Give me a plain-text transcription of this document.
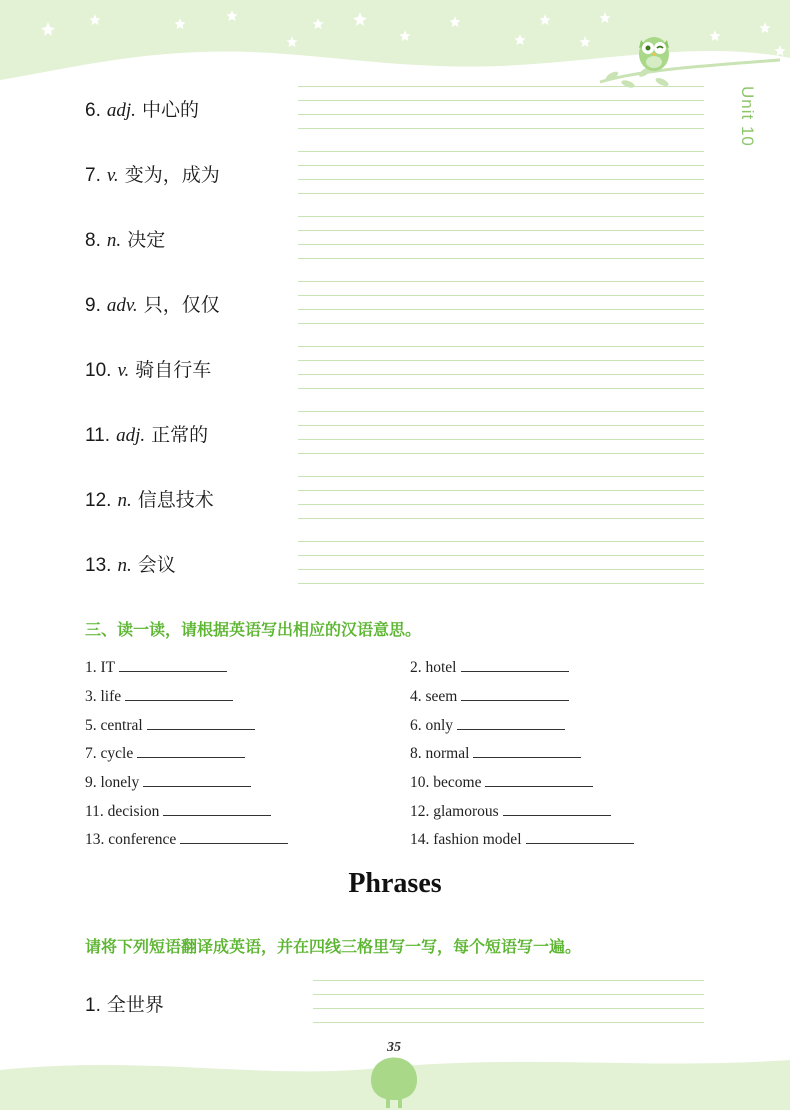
Unit 10
6. adj. 中心的
7. v. 变为，成为
8. n. 决定
9. adv. 只，仅仅
10. v. 骑自行车
11. adj. 正常的
12. n. 信息技术
13. n. 会议
三、读一读，请根据英语写出相应的汉语意思。
1. IT	2. hotel
3. life	4. seem
5. central	6. only
7. cycle	8. normal
9. lonely	10. become
11. decision	12. glamorous
13. conference	14. fashion model
Phrases
请将下列短语翻译成英语，并在四线三格里写一写，每个短语写一遍。
1. 全世界
35
